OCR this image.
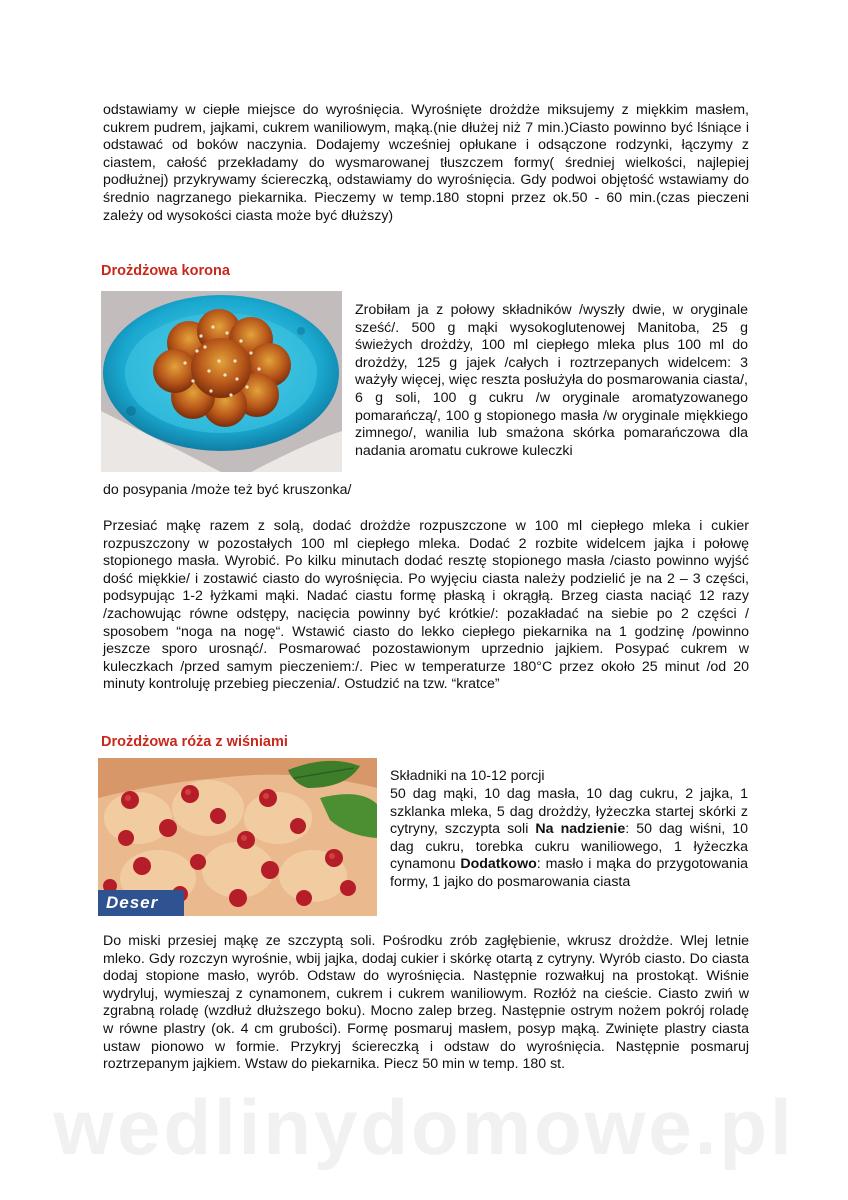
wedlinydomowe.pl

odstawiamy w ciepłe miejsce do wyrośnięcia. Wyrośnięte drożdże miksujemy z miękkim masłem, cukrem pudrem, jajkami, cukrem waniliowym, mąką.(nie dłużej niż 7 min.)Ciasto powinno być lśniące i odstawać od boków naczynia. Dodajemy wcześniej opłukane i odsączone rodzynki, łączymy z ciastem, całość przekładamy do wysmarowanej tłuszczem formy( średniej wielkości, najlepiej podłużnej) przykrywamy ściereczką, odstawiamy do wyrośnięcia. Gdy podwoi objętość wstawiamy do średnio nagrzanego piekarnika. Pieczemy w temp.180 stopni przez ok.50 - 60 min.(czas pieczeni zależy od wysokości ciasta może być dłuższy)

Drożdżowa korona

Zrobiłam ja z połowy składników /wyszły dwie, w oryginale sześć/. 500 g mąki wysokoglutenowej Manitoba, 25 g świeżych drożdży, 100 ml ciepłego mleka plus 100 ml do drożdży, 125 g jajek /całych i roztrzepanych widelcem: 3 ważyły więcej, więc reszta posłużyła do posmarowania ciasta/, 6 g soli, 100 g cukru /w oryginale aromatyzowanego pomarańczą/, 100 g stopionego masła /w oryginale miękkiego zimnego/, wanilia lub smażona skórka pomarańczowa dla nadania aromatu cukrowe kuleczki

do posypania /może też być kruszonka/

Przesiać mąkę razem z solą, dodać drożdże rozpuszczone w 100 ml ciepłego mleka i cukier rozpuszczony w pozostałych 100 ml ciepłego mleka. Dodać 2 rozbite widelcem jajka i połowę stopionego masła. Wyrobić. Po kilku minutach dodać resztę stopionego masła /ciasto powinno wyjść dość miękkie/ i zostawić ciasto do wyrośnięcia. Po wyjęciu ciasta należy podzielić je na 2 – 3 części, podsypując 1-2 łyżkami mąki. Nadać ciastu formę płaską i okrągłą. Brzeg ciasta naciąć 12 razy /zachowując równe odstępy, nacięcia powinny być krótkie/: pozakładać na siebie po 2 części / sposobem “noga na nogę“. Wstawić ciasto do lekko ciepłego piekarnika na 1 godzinę /powinno jeszcze sporo urosnąć/. Posmarować pozostawionym uprzednio jajkiem. Posypać cukrem w kuleczkach /przed samym pieczeniem:/. Piec w temperaturze 180°C przez około 25 minut /od 20 minuty kontroluję przebieg pieczenia/. Ostudzić na tzw. “kratce”

Drożdżowa róża z wiśniami
Deser

Składniki na 10-12 porcji

50 dag mąki, 10 dag masła, 10 dag cukru, 2 jajka, 1 szklanka mleka, 5 dag drożdży, łyżeczka startej skórki z cytryny, szczypta soli Na nadzienie: 50 dag wiśni, 10 dag cukru, torebka cukru waniliowego, 1 łyżeczka cynamonu Dodatkowo: masło i mąka do przygotowania formy, 1 jajko do posmarowania ciasta

Do miski przesiej mąkę ze szczyptą soli. Pośrodku zrób zagłębienie, wkrusz drożdże. Wlej letnie mleko. Gdy rozczyn wyrośnie, wbij jajka, dodaj cukier i skórkę otartą z cytryny. Wyrób ciasto. Do ciasta dodaj stopione masło, wyrób. Odstaw do wyrośnięcia. Następnie rozwałkuj na prostokąt. Wiśnie wydryluj, wymieszaj z cynamonem, cukrem i cukrem waniliowym. Rozłóż na cieście. Ciasto zwiń w zgrabną roladę (wzdłuż dłuższego boku). Mocno zalep brzeg. Następnie ostrym nożem pokrój roladę w równe plastry (ok. 4 cm grubości). Formę posmaruj masłem, posyp mąką. Zwinięte plastry ciasta ustaw pionowo w formie. Przykryj ściereczką i odstaw do wyrośnięcia. Następnie posmaruj roztrzepanym jajkiem. Wstaw do piekarnika. Piecz 50 min w temp. 180 st.
